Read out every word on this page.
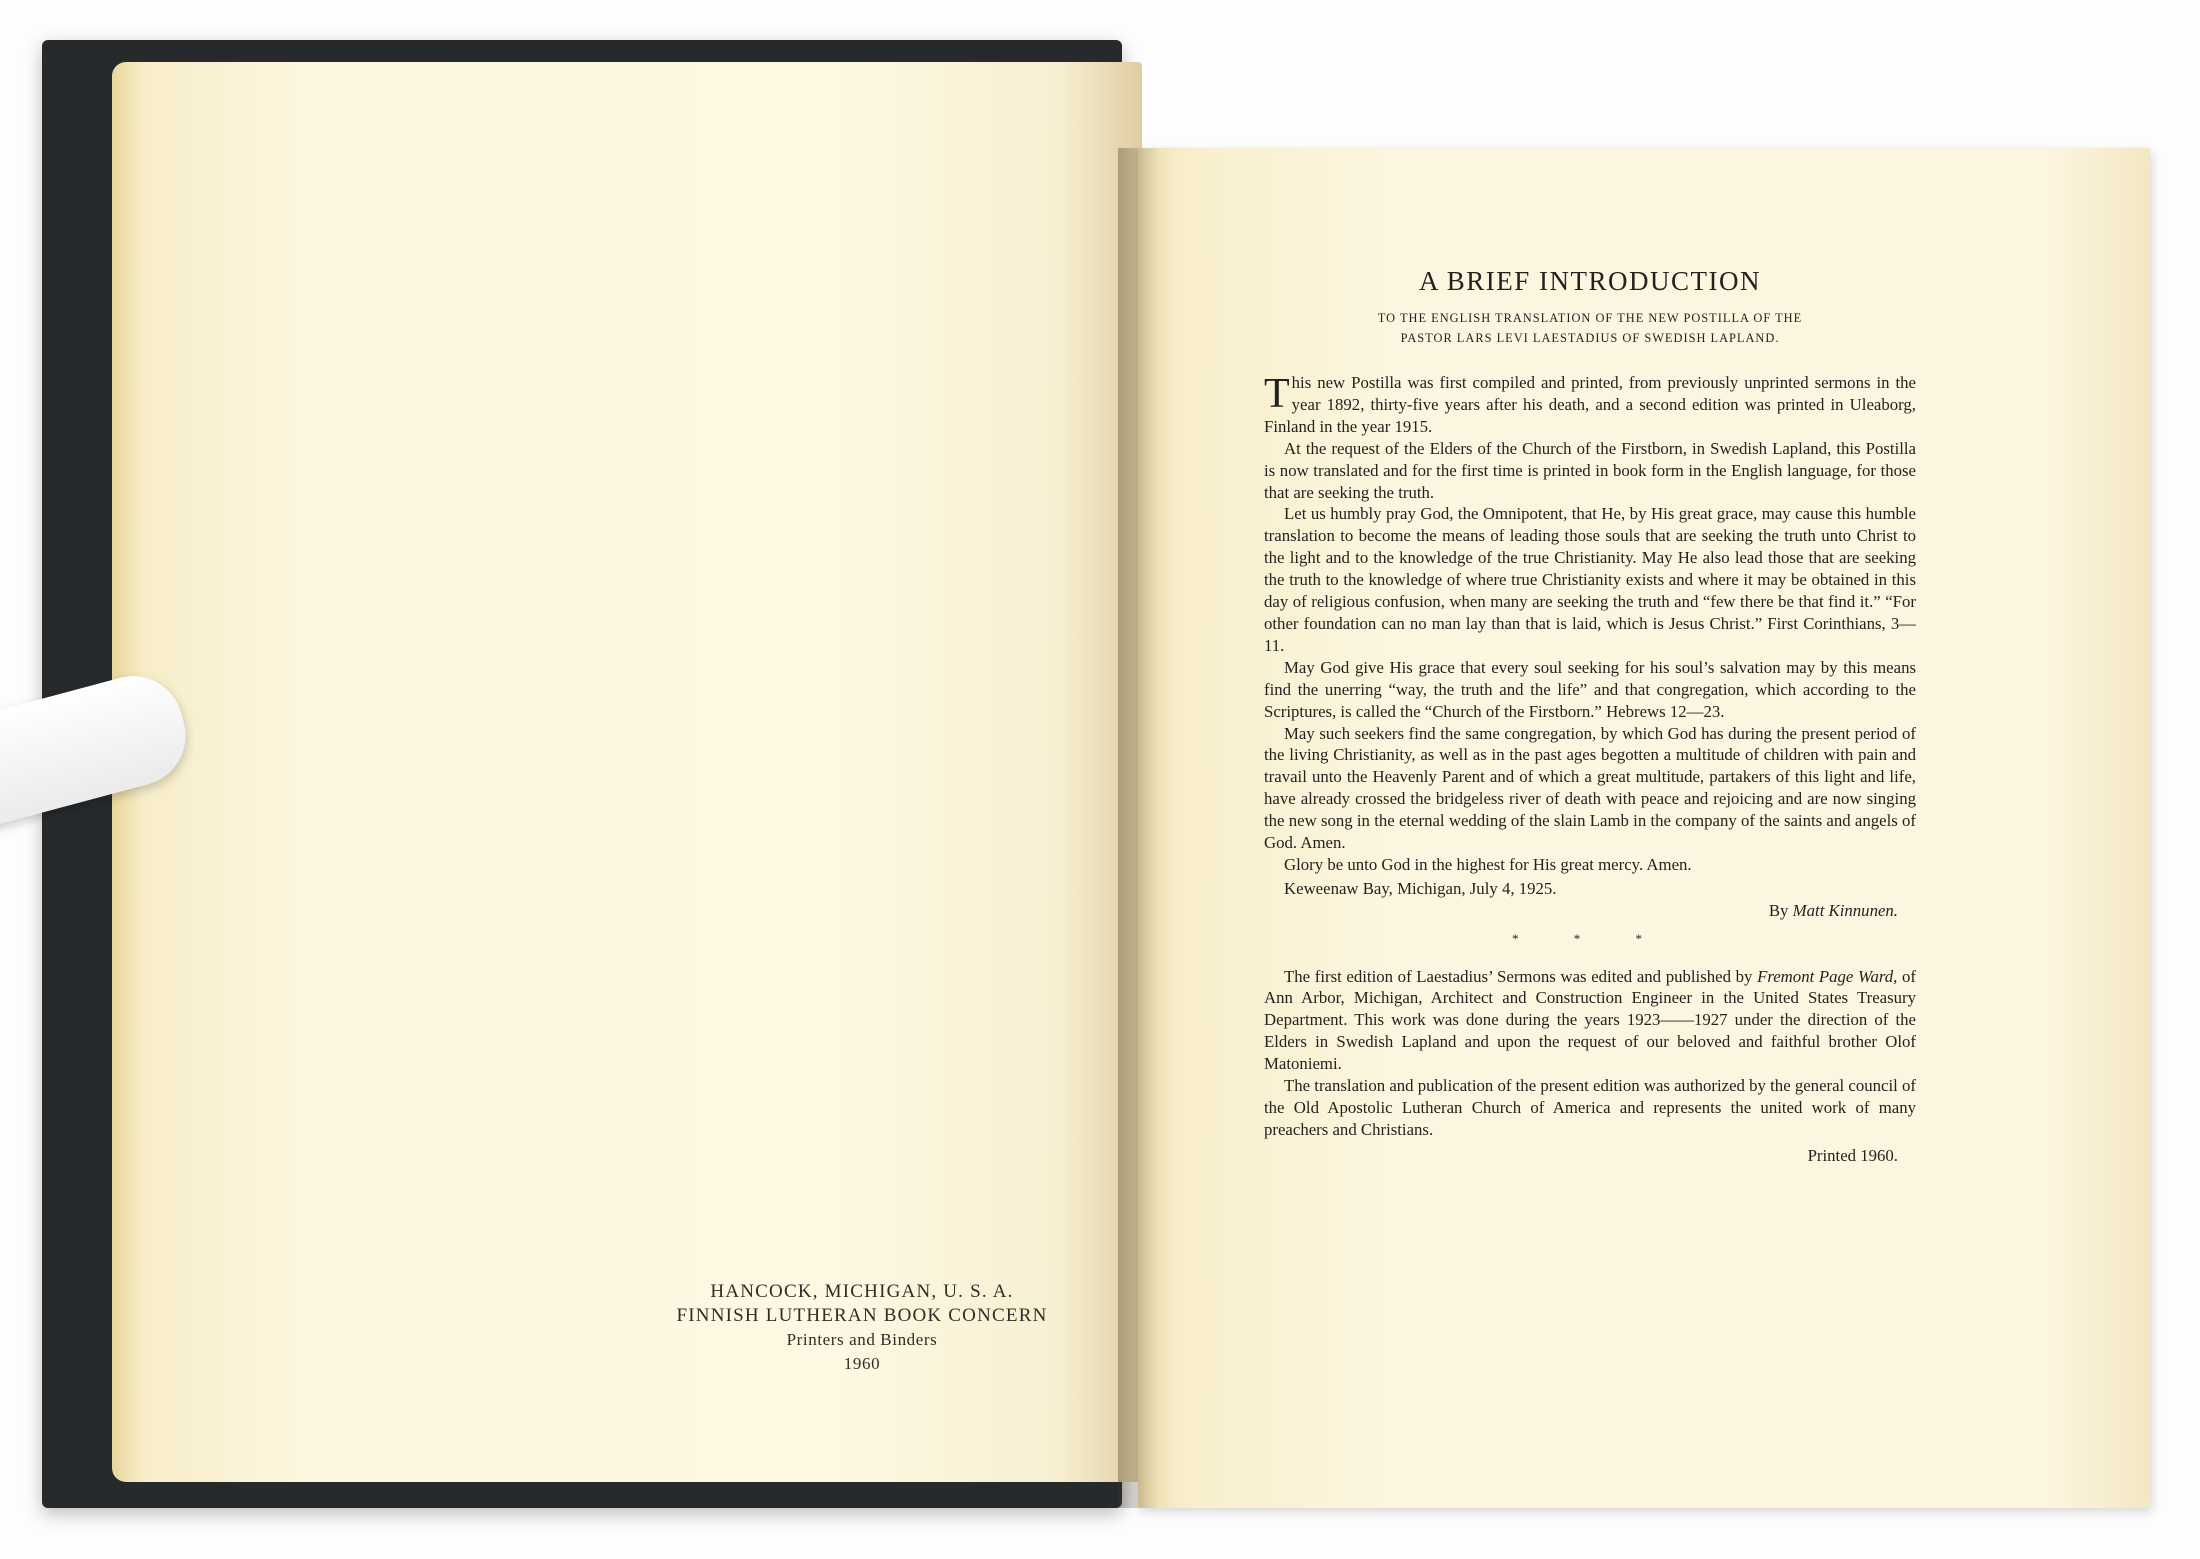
HANCOCK, MICHIGAN, U. S. A.
FINNISH LUTHERAN BOOK CONCERN
Printers and Binders
1960
A BRIEF INTRODUCTION
TO THE ENGLISH TRANSLATION OF THE NEW POSTILLA OF THE
PASTOR LARS LEVI LAESTADIUS OF SWEDISH LAPLAND.

This new Postilla was first compiled and printed, from previously unprinted sermons in the year 1892, thirty-five years after his death, and a second edition was printed in Uleaborg, Finland in the year 1915.

At the request of the Elders of the Church of the Firstborn, in Swedish Lapland, this Postilla is now translated and for the first time is printed in book form in the English language, for those that are seeking the truth.

Let us humbly pray God, the Omnipotent, that He, by His great grace, may cause this humble translation to become the means of leading those souls that are seeking the truth unto Christ to the light and to the knowledge of the true Christianity. May He also lead those that are seeking the truth to the knowledge of where true Christianity exists and where it may be obtained in this day of religious confusion, when many are seeking the truth and “few there be that find it.” “For other foundation can no man lay than that is laid, which is Jesus Christ.” First Corinthians, 3—11.

May God give His grace that every soul seeking for his soul’s salvation may by this means find the unerring “way, the truth and the life” and that congregation, which according to the Scriptures, is called the “Church of the Firstborn.” Hebrews 12—23.

May such seekers find the same congregation, by which God has during the present period of the living Christianity, as well as in the past ages begotten a multitude of children with pain and travail unto the Heavenly Parent and of which a great multitude, partakers of this light and life, have already crossed the bridgeless river of death with peace and rejoicing and are now singing the new song in the eternal wedding of the slain Lamb in the company of the saints and angels of God. Amen.

Glory be unto God in the highest for His great mercy. Amen.

Keweenaw Bay, Michigan, July 4, 1925.

By Matt Kinnunen.

* * *

The first edition of Laestadius’ Sermons was edited and published by Fremont Page Ward, of Ann Arbor, Michigan, Architect and Construction Engineer in the United States Treasury Department. This work was done during the years 1923——1927 under the direction of the Elders in Swedish Lapland and upon the request of our beloved and faithful brother Olof Matoniemi.

The translation and publication of the present edition was authorized by the general council of the Old Apostolic Lutheran Church of America and represents the united work of many preachers and Christians.

Printed 1960.
